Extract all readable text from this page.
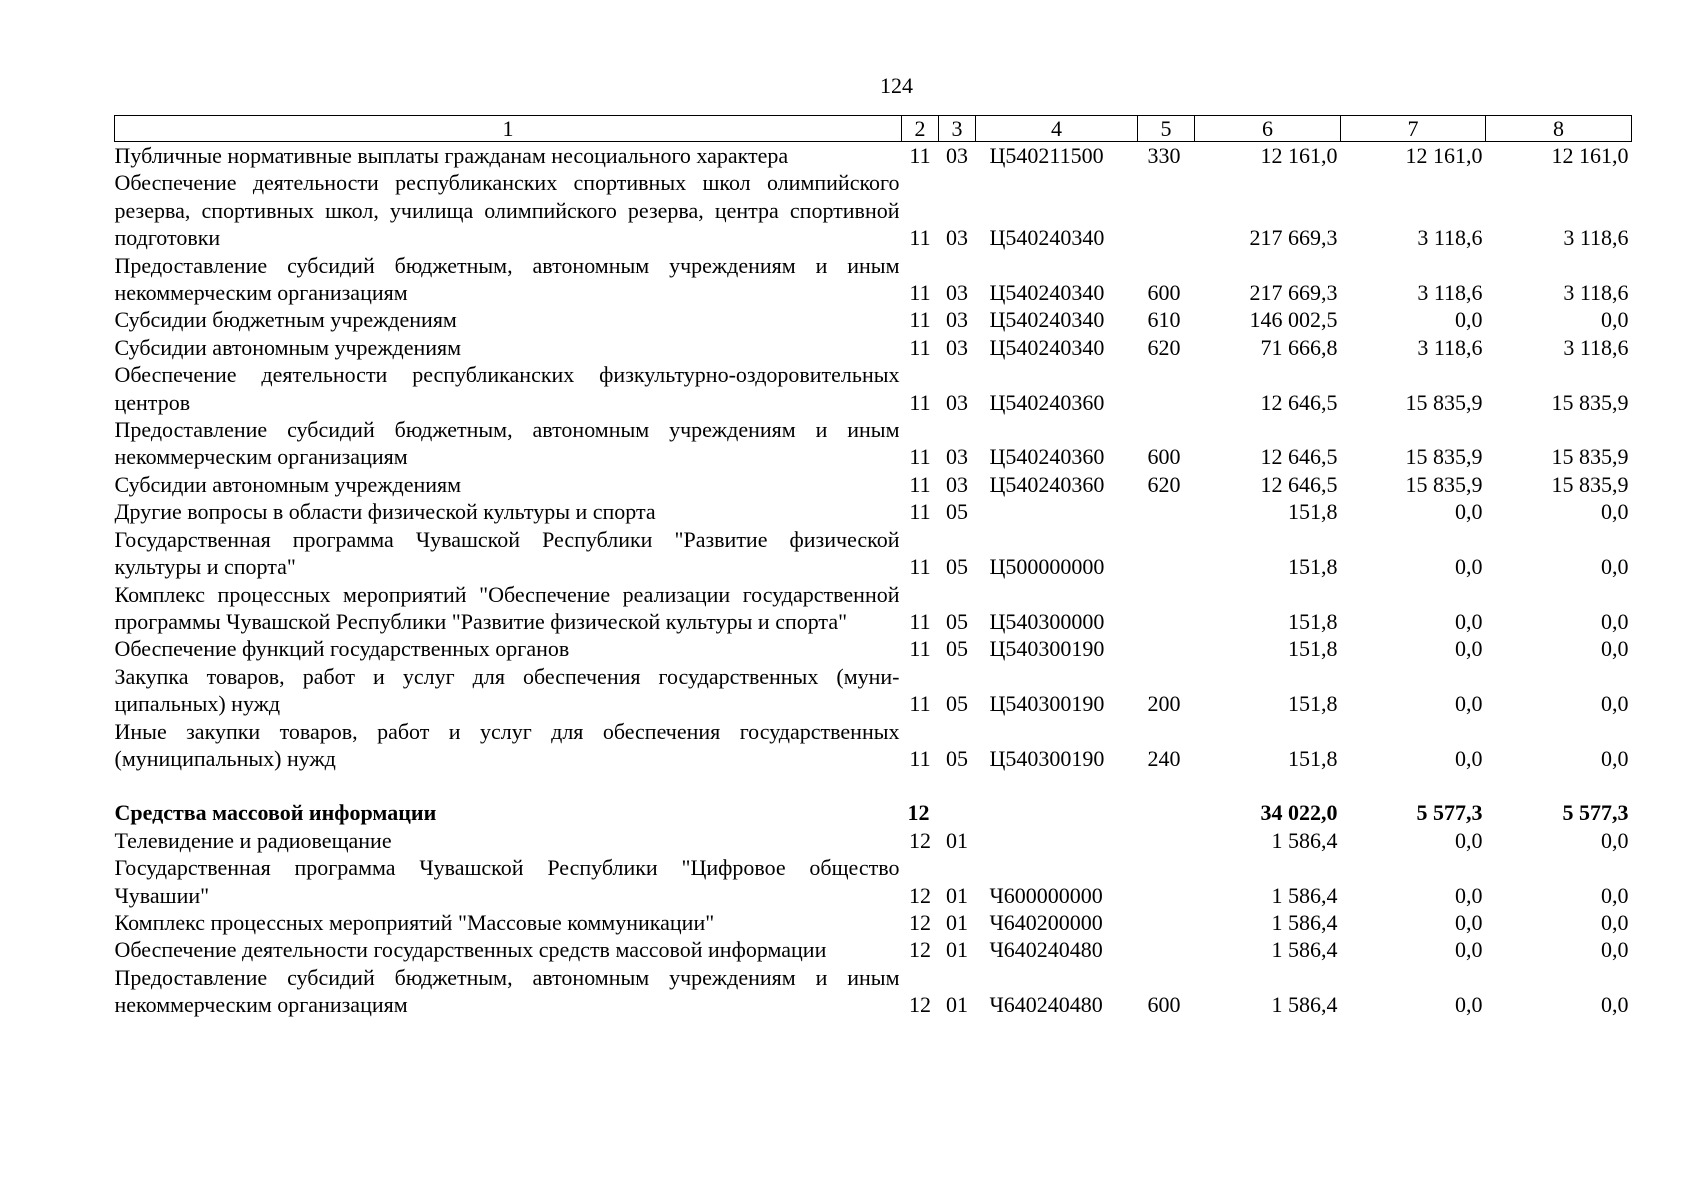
124
1	2	3	4	5	6	7	8
Публичные нормативные выплаты гражданам несоциального характера	11	03	Ц540211500	330	12 161,0	12 161,0	12 161,0
Обеспечение деятельности республиканских спортивных школ олимпийского резерва, спортивных школ, училища олимпийского резерва, центра спортивной подготовки	11	03	Ц540240340		217 669,3	3 118,6	3 118,6
Предоставление субсидий бюджетным, автономным учреждениям и иным некоммерческим организациям	11	03	Ц540240340	600	217 669,3	3 118,6	3 118,6
Субсидии бюджетным учреждениям	11	03	Ц540240340	610	146 002,5	0,0	0,0
Субсидии автономным учреждениям	11	03	Ц540240340	620	71 666,8	3 118,6	3 118,6
Обеспечение деятельности республиканских физкультурно-оздоровительных центров	11	03	Ц540240360		12 646,5	15 835,9	15 835,9
Предоставление субсидий бюджетным, автономным учреждениям и иным некоммерческим организациям	11	03	Ц540240360	600	12 646,5	15 835,9	15 835,9
Субсидии автономным учреждениям	11	03	Ц540240360	620	12 646,5	15 835,9	15 835,9
Другие вопросы в области физической культуры и спорта	11	05			151,8	0,0	0,0
Государственная программа Чувашской Республики "Развитие физической культуры и спорта"	11	05	Ц500000000		151,8	0,0	0,0
Комплекс процессных мероприятий "Обеспечение реализации государственной программы Чувашской Республики "Развитие физической культуры и спорта"	11	05	Ц540300000		151,8	0,0	0,0
Обеспечение функций государственных органов	11	05	Ц540300190		151,8	0,0	0,0
Закупка товаров, работ и услуг для обеспечения государственных (муниципальных) нужд	11	05	Ц540300190	200	151,8	0,0	0,0
Иные закупки товаров, работ и услуг для обеспечения государственных (муниципальных) нужд	11	05	Ц540300190	240	151,8	0,0	0,0

Средства массовой информации	12				34 022,0	5 577,3	5 577,3
Телевидение и радиовещание	12	01			1 586,4	0,0	0,0
Государственная программа Чувашской Республики "Цифровое общество Чувашии"	12	01	Ч600000000		1 586,4	0,0	0,0
Комплекс процессных мероприятий "Массовые коммуникации"	12	01	Ч640200000		1 586,4	0,0	0,0
Обеспечение деятельности государственных средств массовой информации	12	01	Ч640240480		1 586,4	0,0	0,0
Предоставление субсидий бюджетным, автономным учреждениям и иным некоммерческим организациям	12	01	Ч640240480	600	1 586,4	0,0	0,0
